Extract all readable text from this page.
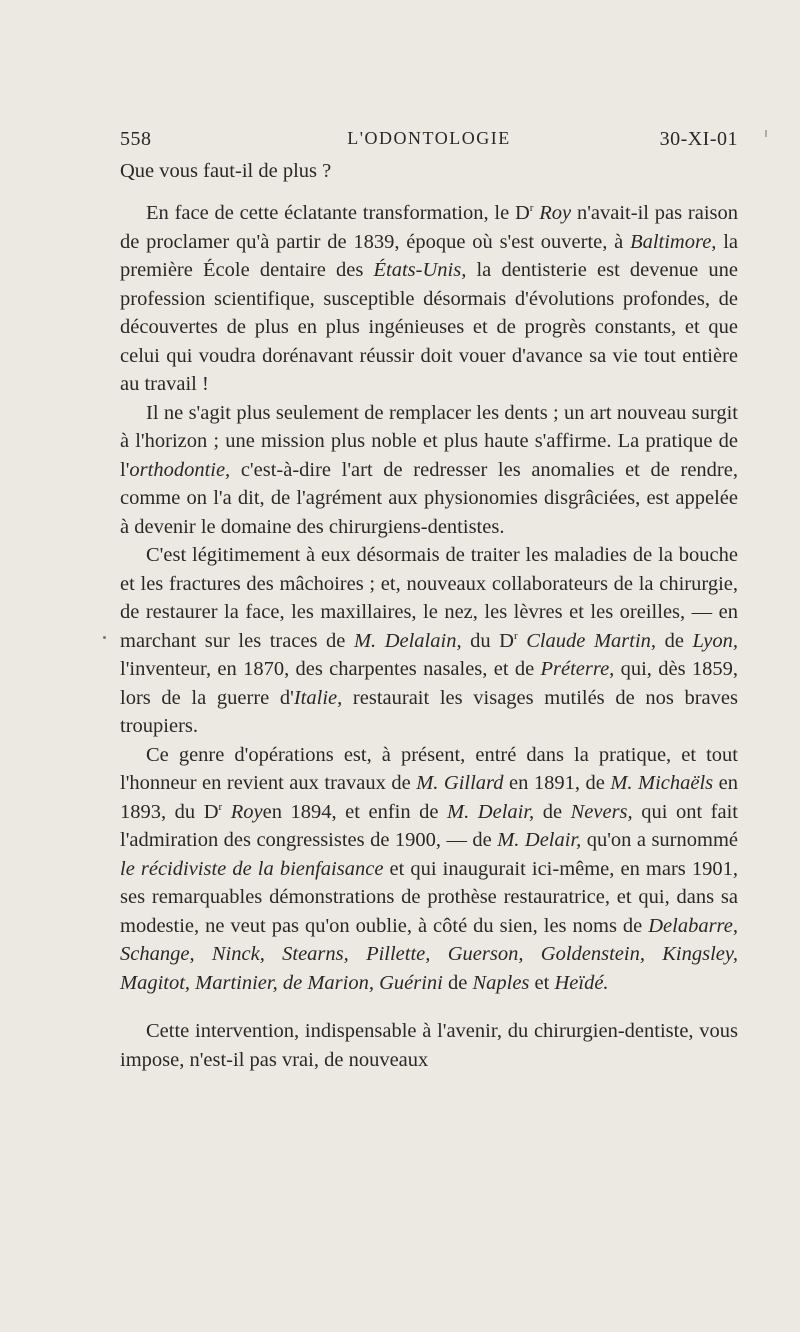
558	L'ODONTOLOGIE	30-XI-01
Que vous faut-il de plus ?

En face de cette éclatante transformation, le $D^r$ Roy n'avait-il pas raison de proclamer qu'à partir de 1839, époque où s'est ouverte, à Baltimore, la première École dentaire des États-Unis, la dentisterie est devenue une profession scientifique, susceptible désormais d'évolutions profondes, de découvertes de plus en plus ingénieuses et de progrès constants, et que celui qui voudra dorénavant réussir doit vouer d'avance sa vie tout entière au travail !

Il ne s'agit plus seulement de remplacer les dents ; un art nouveau surgit à l'horizon ; une mission plus noble et plus haute s'affirme. La pratique de l'orthodontie, c'est-à-dire l'art de redresser les anomalies et de rendre, comme on l'a dit, de l'agrément aux physionomies disgrâciées, est appelée à devenir le domaine des chirurgiens-dentistes.

C'est légitimement à eux désormais de traiter les maladies de la bouche et les fractures des mâchoires ; et, nouveaux collaborateurs de la chirurgie, de restaurer la face, les maxillaires, le nez, les lèvres et les oreilles, — en marchant sur les traces de M. Delalain, du $D^r$ Claude Martin, de Lyon, l'inventeur, en 1870, des charpentes nasales, et de Préterre, qui, dès 1859, lors de la guerre d'Italie, restaurait les visages mutilés de nos braves troupiers.

Ce genre d'opérations est, à présent, entré dans la pratique, et tout l'honneur en revient aux travaux de M. Gillard en 1891, de M. Michaëls en 1893, du $D^r$ Royen 1894, et enfin de M. Delair, de Nevers, qui ont fait l'admiration des congressistes de 1900, — de M. Delair, qu'on a surnommé le récidiviste de la bienfaisance et qui inaugurait ici-même, en mars 1901, ses remarquables démonstrations de prothèse restauratrice, et qui, dans sa modestie, ne veut pas qu'on oublie, à côté du sien, les noms de Delabarre, Schange, Ninck, Stearns, Pillette, Guerson, Goldenstein, Kingsley, Magitot, Martinier, de Marion, Guérini de Naples et Heïdé.

Cette intervention, indispensable à l'avenir, du chirurgien-dentiste, vous impose, n'est-il pas vrai, de nouveaux
